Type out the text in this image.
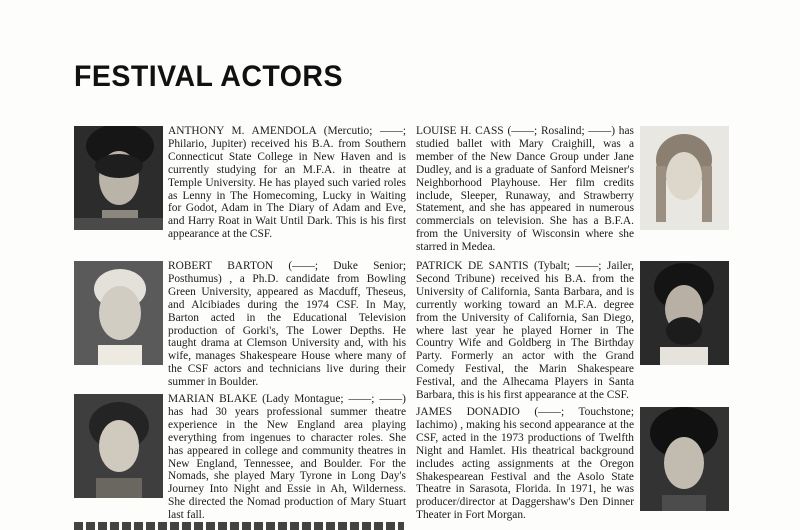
FESTIVAL ACTORS
ANTHONY M. AMENDOLA (Mercutio; ——; Philario, Jupiter) received his B.A. from Southern Connecticut State College in New Haven and is currently studying for an M.F.A. in theatre at Temple University. He has played such varied roles as Lenny in The Homecoming, Lucky in Waiting for Godot, Adam in The Diary of Adam and Eve, and Harry Roat in Wait Until Dark. This is his first appearance at the CSF.
ROBERT BARTON (——; Duke Senior; Posthumus) , a Ph.D. candidate from Bowling Green University, appeared as Macduff, Theseus, and Alcibiades during the 1974 CSF. In May, Barton acted in the Educational Television production of Gorki's, The Lower Depths. He taught drama at Clemson University and, with his wife, manages Shakespeare House where many of the CSF actors and technicians live during their summer in Boulder.
MARIAN BLAKE (Lady Montague; ——; ——) has had 30 years professional summer theatre experience in the New England area playing everything from ingenues to character roles. She has appeared in college and community theatres in New England, Tennessee, and Boulder. For the Nomads, she played Mary Tyrone in Long Day's Journey Into Night and Essie in Ah, Wilderness. She directed the Nomad production of Mary Stuart last fall.
LOUISE H. CASS (——; Rosalind; ——) has studied ballet with Mary Craighill, was a member of the New Dance Group under Jane Dudley, and is a graduate of Sanford Meisner's Neighborhood Playhouse. Her film credits include, Sleeper, Runaway, and Strawberry Statement, and she has appeared in numerous commercials on television. She has a B.F.A. from the University of Wisconsin where she starred in Medea.
PATRICK DE SANTIS (Tybalt; ——; Jailer, Second Tribune) received his B.A. from the University of California, Santa Barbara, and is currently working toward an M.F.A. degree from the University of California, San Diego, where last year he played Horner in The Country Wife and Goldberg in The Birthday Party. Formerly an actor with the Grand Comedy Festival, the Marin Shakespeare Festival, and the Alhecama Players in Santa Barbara, this is his first appearance at the CSF.
JAMES DONADIO (——; Touchstone; Iachimo) , making his second appearance at the CSF, acted in the 1973 productions of Twelfth Night and Hamlet. His theatrical background includes acting assignments at the Oregon Shakespearean Festival and the Asolo State Theatre in Sarasota, Florida. In 1971, he was producer/director at Daggershaw's Den Dinner Theater in Fort Morgan.
